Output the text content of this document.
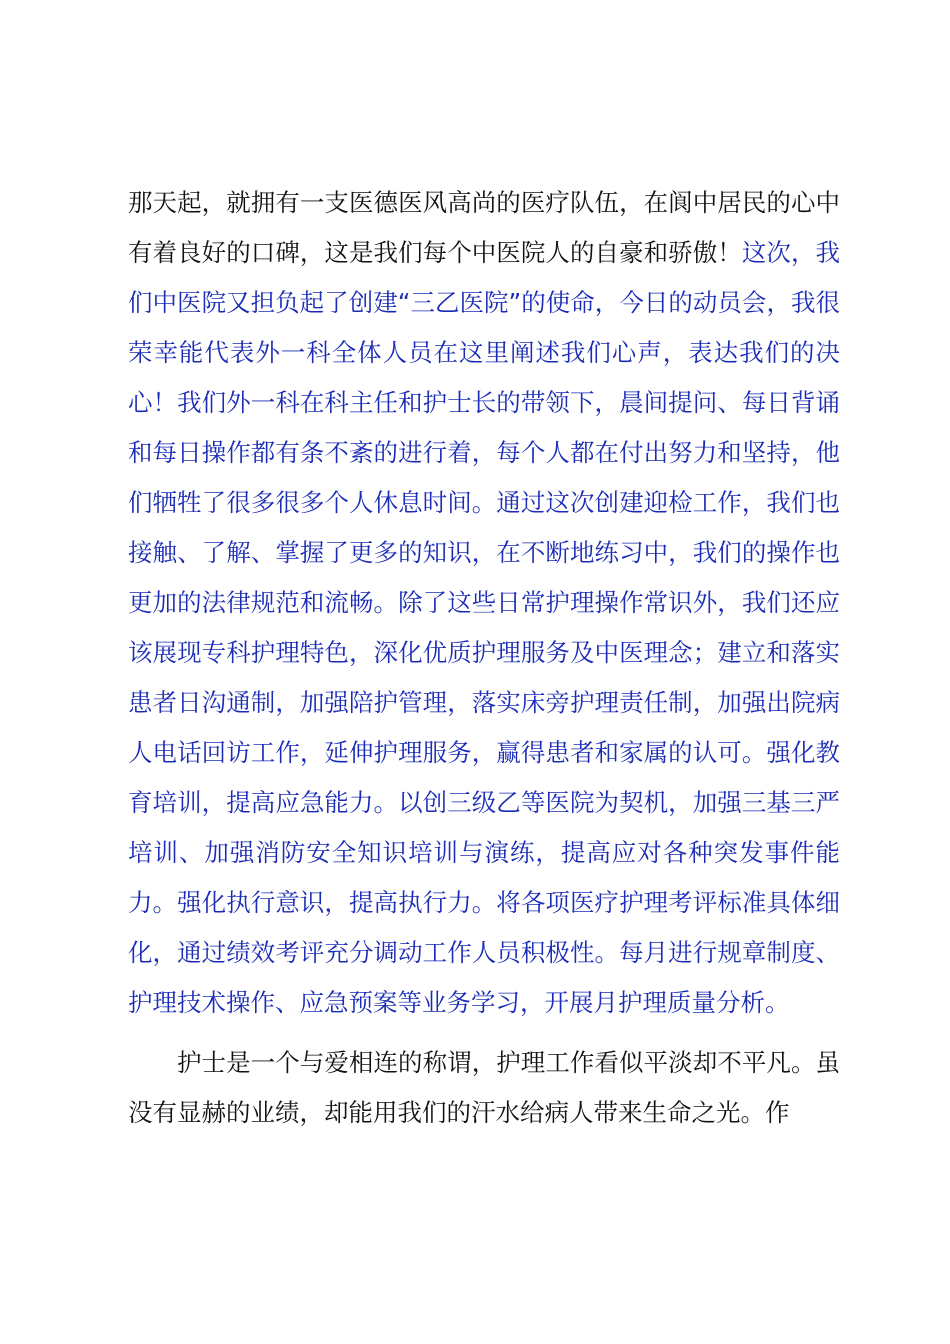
那天起，就拥有一支医德医风高尚的医疗队伍，在阆中居民的心中有着良好的口碑，这是我们每个中医院人的自豪和骄傲！这次，我们中医院又担负起了创建“三乙医院”的使命，今日的动员会，我很荣幸能代表外一科全体人员在这里阐述我们心声，表达我们的决心！我们外一科在科主任和护士长的带领下，晨间提问、每日背诵和每日操作都有条不紊的进行着，每个人都在付出努力和坚持，他们牺牲了很多很多个人休息时间。通过这次创建迎检工作，我们也接触、了解、掌握了更多的知识，在不断地练习中，我们的操作也更加的法律规范和流畅。除了这些日常护理操作常识外，我们还应该展现专科护理特色，深化优质护理服务及中医理念；建立和落实患者日沟通制，加强陪护管理，落实床旁护理责任制，加强出院病人电话回访工作，延伸护理服务，赢得患者和家属的认可。强化教育培训，提高应急能力。以创三级乙等医院为契机，加强三基三严培训、加强消防安全知识培训与演练，提高应对各种突发事件能力。强化执行意识，提高执行力。将各项医疗护理考评标准具体细化，通过绩效考评充分调动工作人员积极性。每月进行规章制度、护理技术操作、应急预案等业务学习，开展月护理质量分析。

护士是一个与爱相连的称谓，护理工作看似平淡却不平凡。虽没有显赫的业绩，却能用我们的汗水给病人带来生命之光。作
